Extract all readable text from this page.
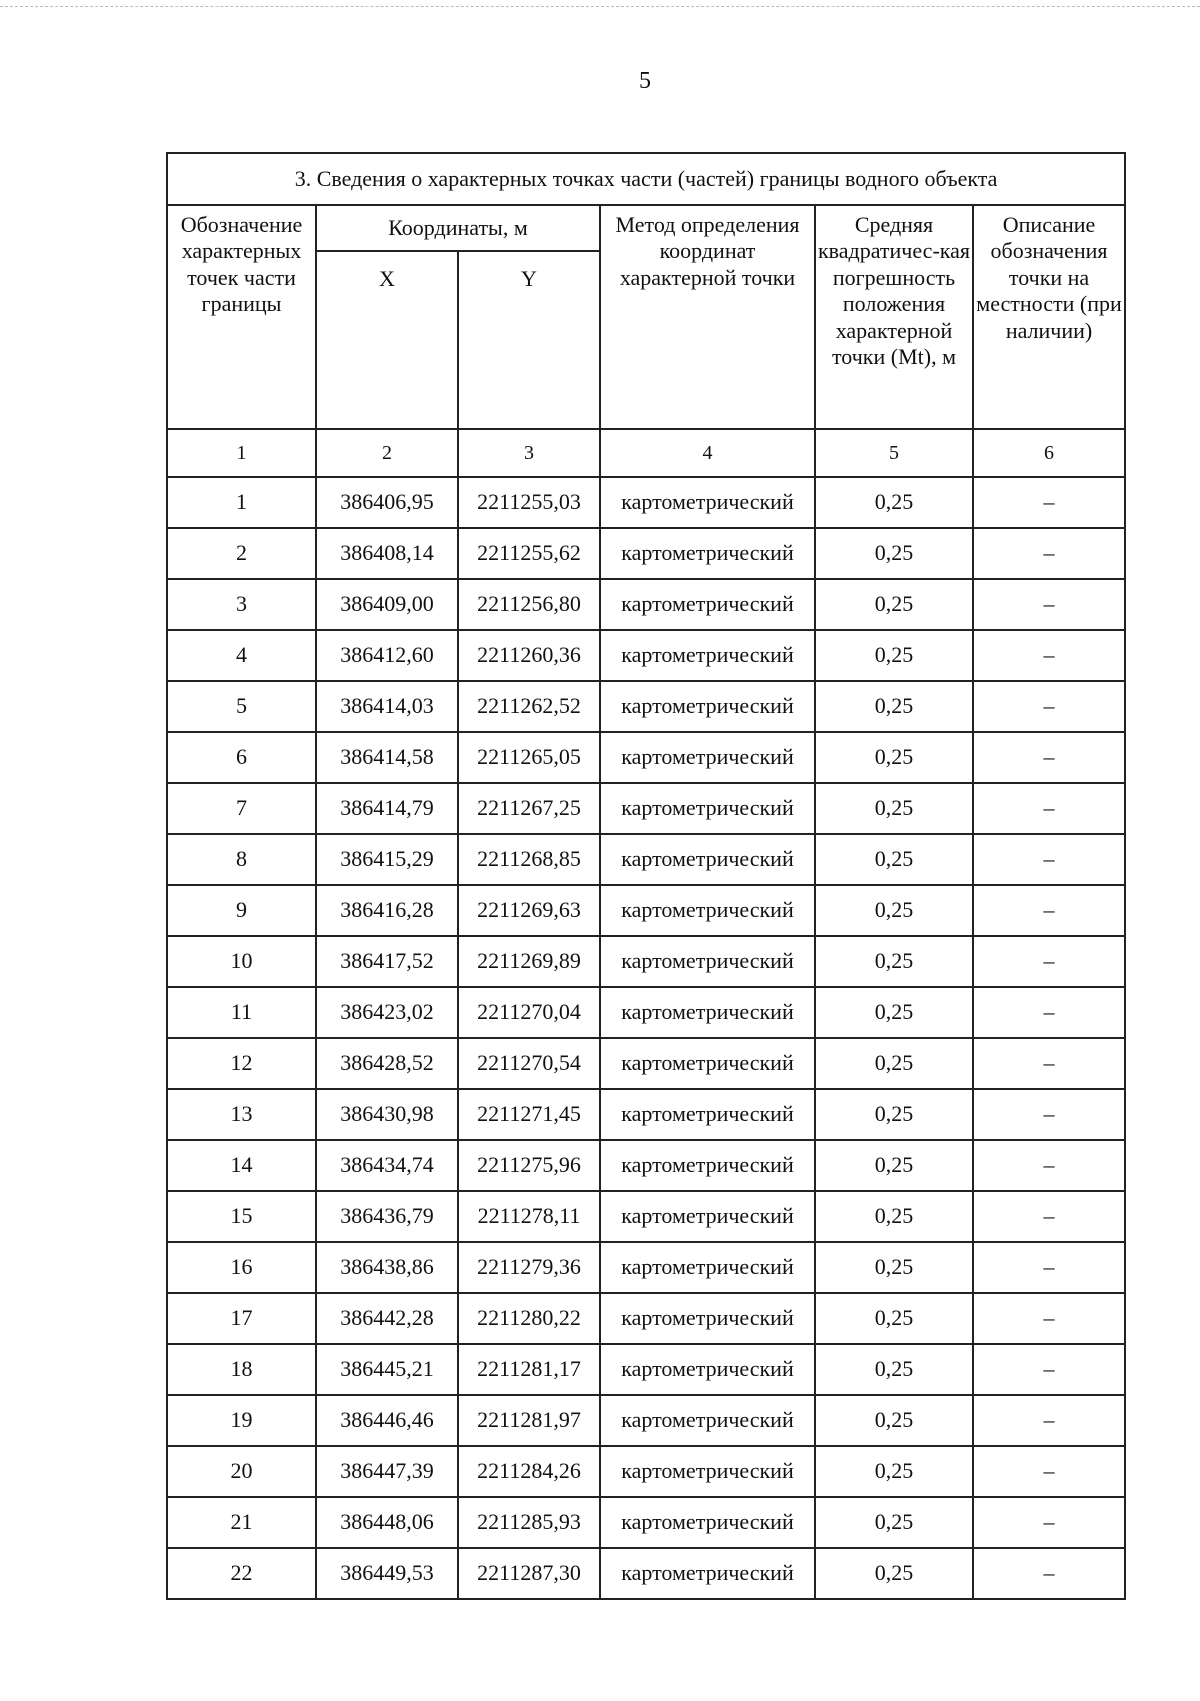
5
3. Сведения о характерных точках части (частей) границы водного объекта					
Обозначение характерных точек части границы	Координаты, м		Метод определения координат характерной точки	Средняя квадратичес-кая погрешность положения характерной точки (Mt), м	Описание обозначения точки на местности (при наличии)
	X	Y			
1	2	3	4	5	6
1	386406,95	2211255,03	картометрический	0,25	–
2	386408,14	2211255,62	картометрический	0,25	–
3	386409,00	2211256,80	картометрический	0,25	–
4	386412,60	2211260,36	картометрический	0,25	–
5	386414,03	2211262,52	картометрический	0,25	–
6	386414,58	2211265,05	картометрический	0,25	–
7	386414,79	2211267,25	картометрический	0,25	–
8	386415,29	2211268,85	картометрический	0,25	–
9	386416,28	2211269,63	картометрический	0,25	–
10	386417,52	2211269,89	картометрический	0,25	–
11	386423,02	2211270,04	картометрический	0,25	–
12	386428,52	2211270,54	картометрический	0,25	–
13	386430,98	2211271,45	картометрический	0,25	–
14	386434,74	2211275,96	картометрический	0,25	–
15	386436,79	2211278,11	картометрический	0,25	–
16	386438,86	2211279,36	картометрический	0,25	–
17	386442,28	2211280,22	картометрический	0,25	–
18	386445,21	2211281,17	картометрический	0,25	–
19	386446,46	2211281,97	картометрический	0,25	–
20	386447,39	2211284,26	картометрический	0,25	–
21	386448,06	2211285,93	картометрический	0,25	–
22	386449,53	2211287,30	картометрический	0,25	–
